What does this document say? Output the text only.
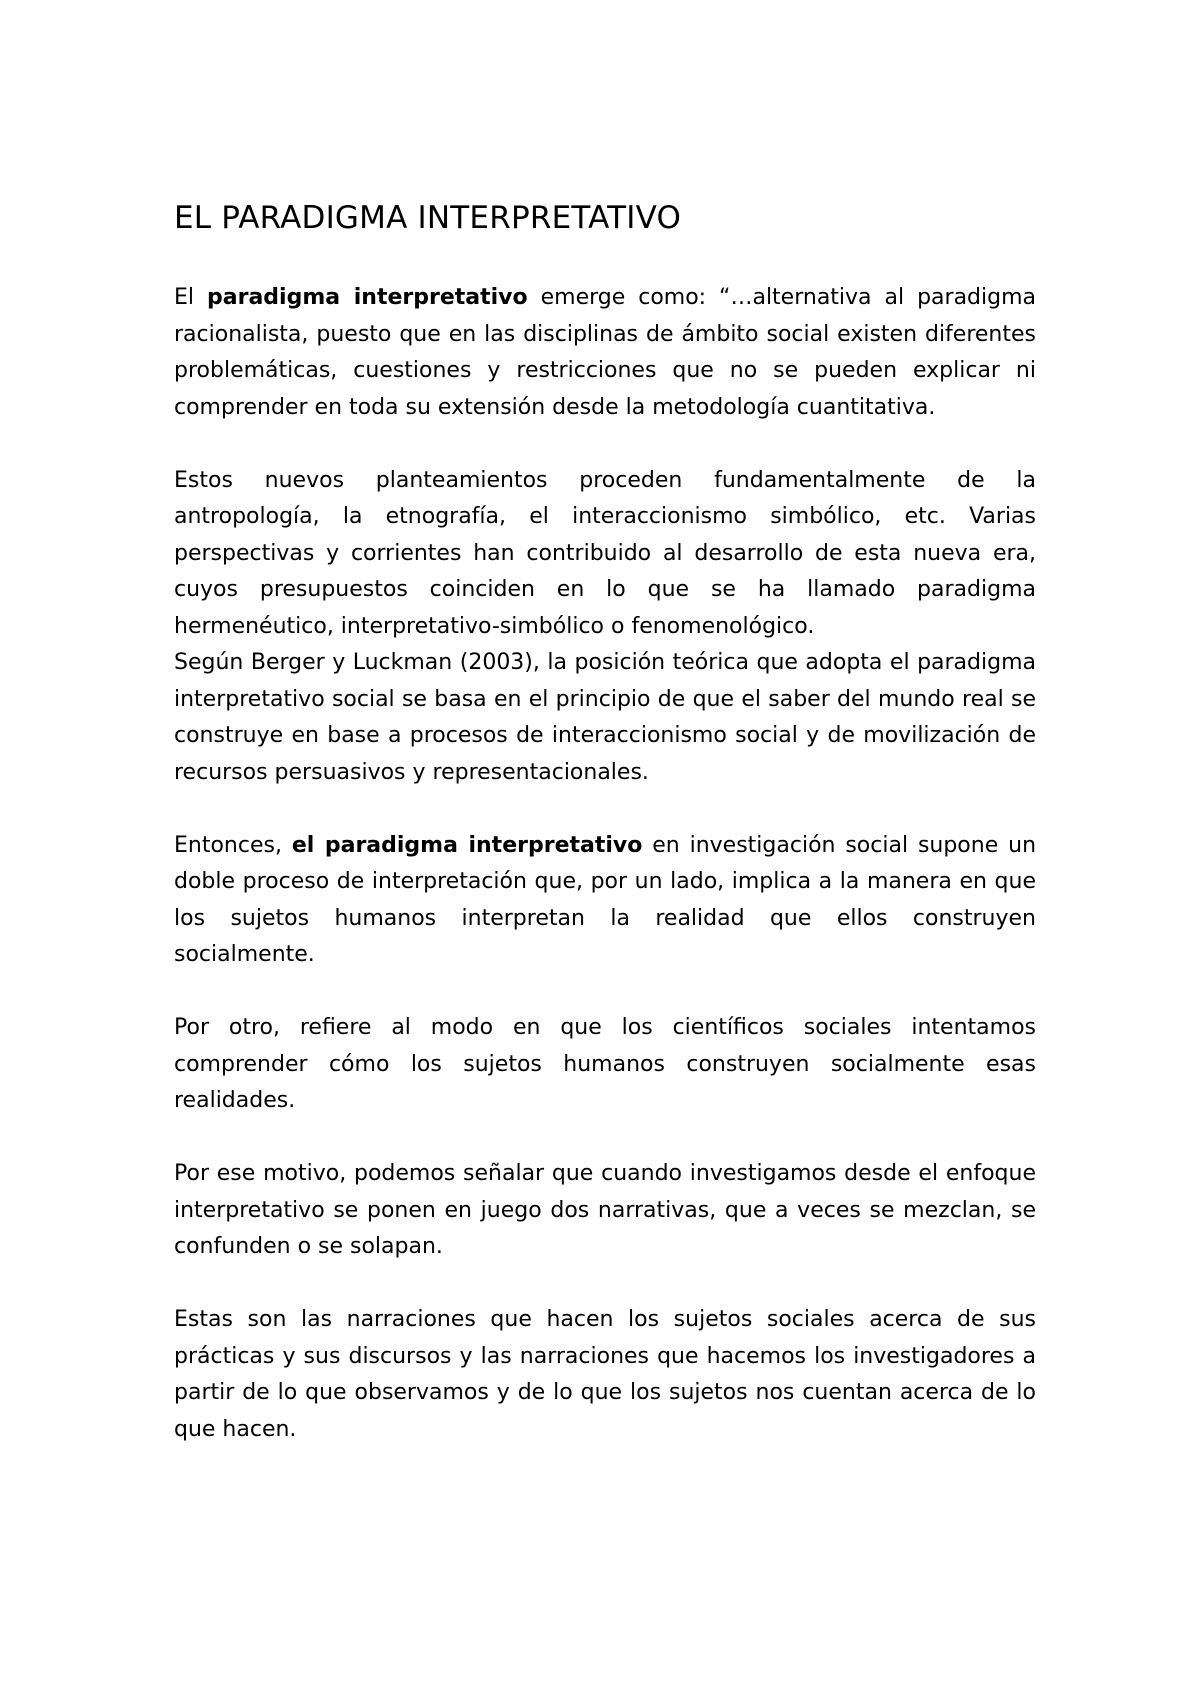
EL PARADIGMA INTERPRETATIVO

El paradigma interpretativo emerge como: “…alternativa al paradigma racionalista, puesto que en las disciplinas de ámbito social existen diferentes problemáticas, cuestiones y restricciones que no se pueden explicar ni comprender en toda su extensión desde la metodología cuantitativa.

Estos nuevos planteamientos proceden fundamentalmente de la antropología, la etnografía, el interaccionismo simbólico, etc. Varias perspectivas y corrientes han contribuido al desarrollo de esta nueva era, cuyos presupuestos coinciden en lo que se ha llamado paradigma hermenéutico, interpretativo-simbólico o fenomenológico.

Según Berger y Luckman (2003), la posición teórica que adopta el paradigma interpretativo social se basa en el principio de que el saber del mundo real se construye en base a procesos de interaccionismo social y de movilización de recursos persuasivos y representacionales.

Entonces, el paradigma interpretativo en investigación social supone un doble proceso de interpretación que, por un lado, implica a la manera en que los sujetos humanos interpretan la realidad que ellos construyen socialmente.

Por otro, refiere al modo en que los científicos sociales intentamos comprender cómo los sujetos humanos construyen socialmente esas realidades.

Por ese motivo, podemos señalar que cuando investigamos desde el enfoque interpretativo se ponen en juego dos narrativas, que a veces se mezclan, se confunden o se solapan.

Estas son las narraciones que hacen los sujetos sociales acerca de sus prácticas y sus discursos y las narraciones que hacemos los investigadores a partir de lo que observamos y de lo que los sujetos nos cuentan acerca de lo que hacen.
